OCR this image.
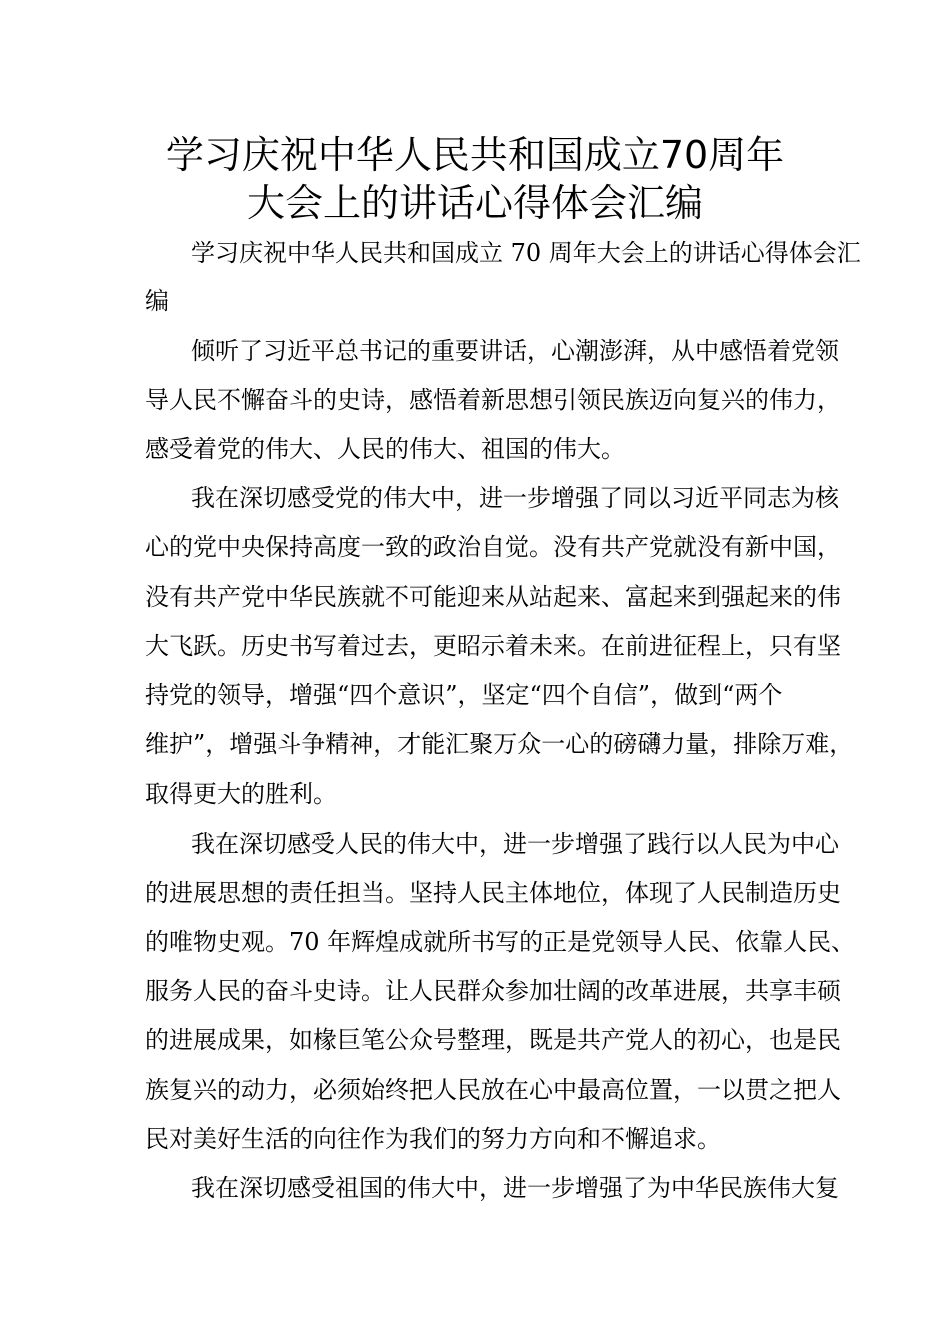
学习庆祝中华人民共和国成立70周年
大会上的讲话心得体会汇编
学习庆祝中华人民共和国成立 70 周年大会上的讲话心得体会汇
编
倾听了习近平总书记的重要讲话，心潮澎湃，从中感悟着党领
导人民不懈奋斗的史诗，感悟着新思想引领民族迈向复兴的伟力，
感受着党的伟大、人民的伟大、祖国的伟大。
我在深切感受党的伟大中，进一步增强了同以习近平同志为核
心的党中央保持高度一致的政治自觉。没有共产党就没有新中国，
没有共产党中华民族就不可能迎来从站起来、富起来到强起来的伟
大飞跃。历史书写着过去，更昭示着未来。在前进征程上，只有坚
持党的领导，增强“四个意识”，坚定“四个自信”，做到“两个
维护”，增强斗争精神，才能汇聚万众一心的磅礴力量，排除万难，
取得更大的胜利。
我在深切感受人民的伟大中，进一步增强了践行以人民为中心
的进展思想的责任担当。坚持人民主体地位，体现了人民制造历史
的唯物史观。70 年辉煌成就所书写的正是党领导人民、依靠人民、
服务人民的奋斗史诗。让人民群众参加壮阔的改革进展，共享丰硕
的进展成果，如椽巨笔公众号整理，既是共产党人的初心，也是民
族复兴的动力，必须始终把人民放在心中最高位置，一以贯之把人
民对美好生活的向往作为我们的努力方向和不懈追求。
我在深切感受祖国的伟大中，进一步增强了为中华民族伟大复
